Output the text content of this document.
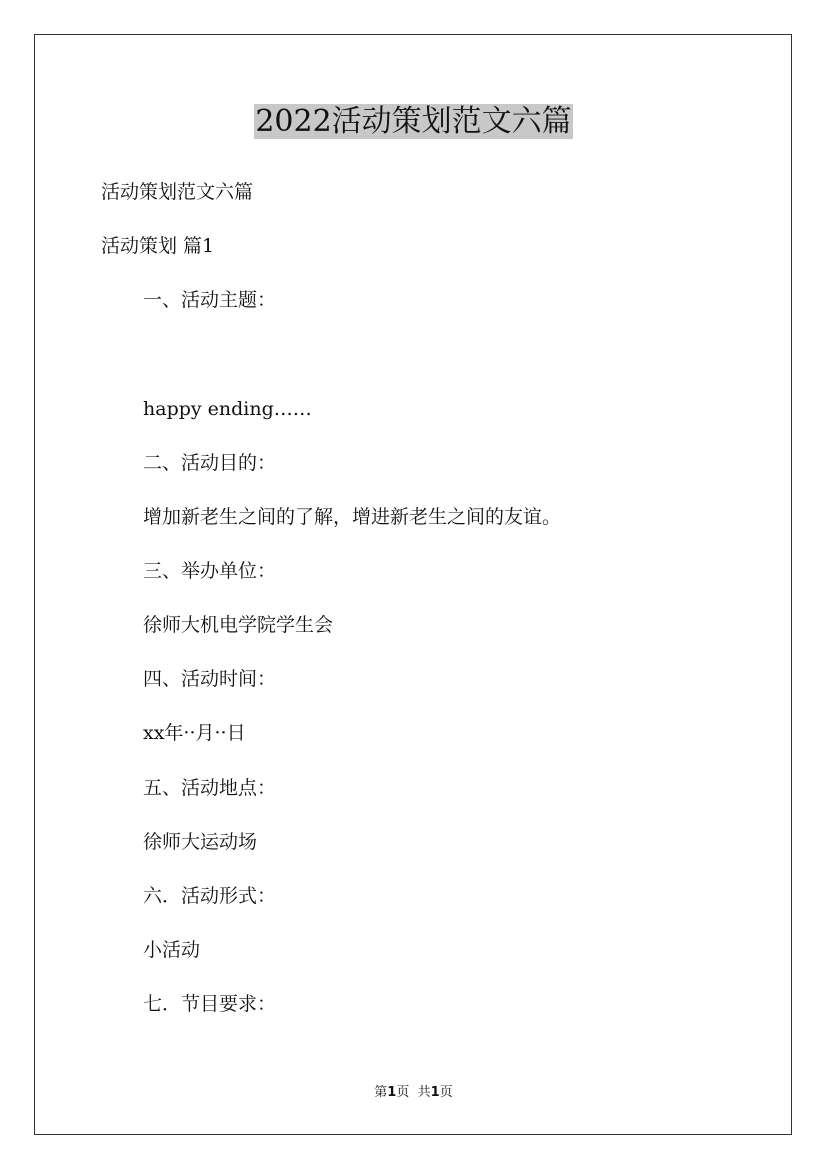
2022活动策划范文六篇

活动策划范文六篇

活动策划 篇1

一、活动主题：

happy ending……

二、活动目的：

增加新老生之间的了解，增进新老生之间的友谊。

三、举办单位：

徐师大机电学院学生会

四、活动时间：

xx年··月··日

五、活动地点：

徐师大运动场

六．活动形式：

小活动

七．节目要求：

第1页 共1页
